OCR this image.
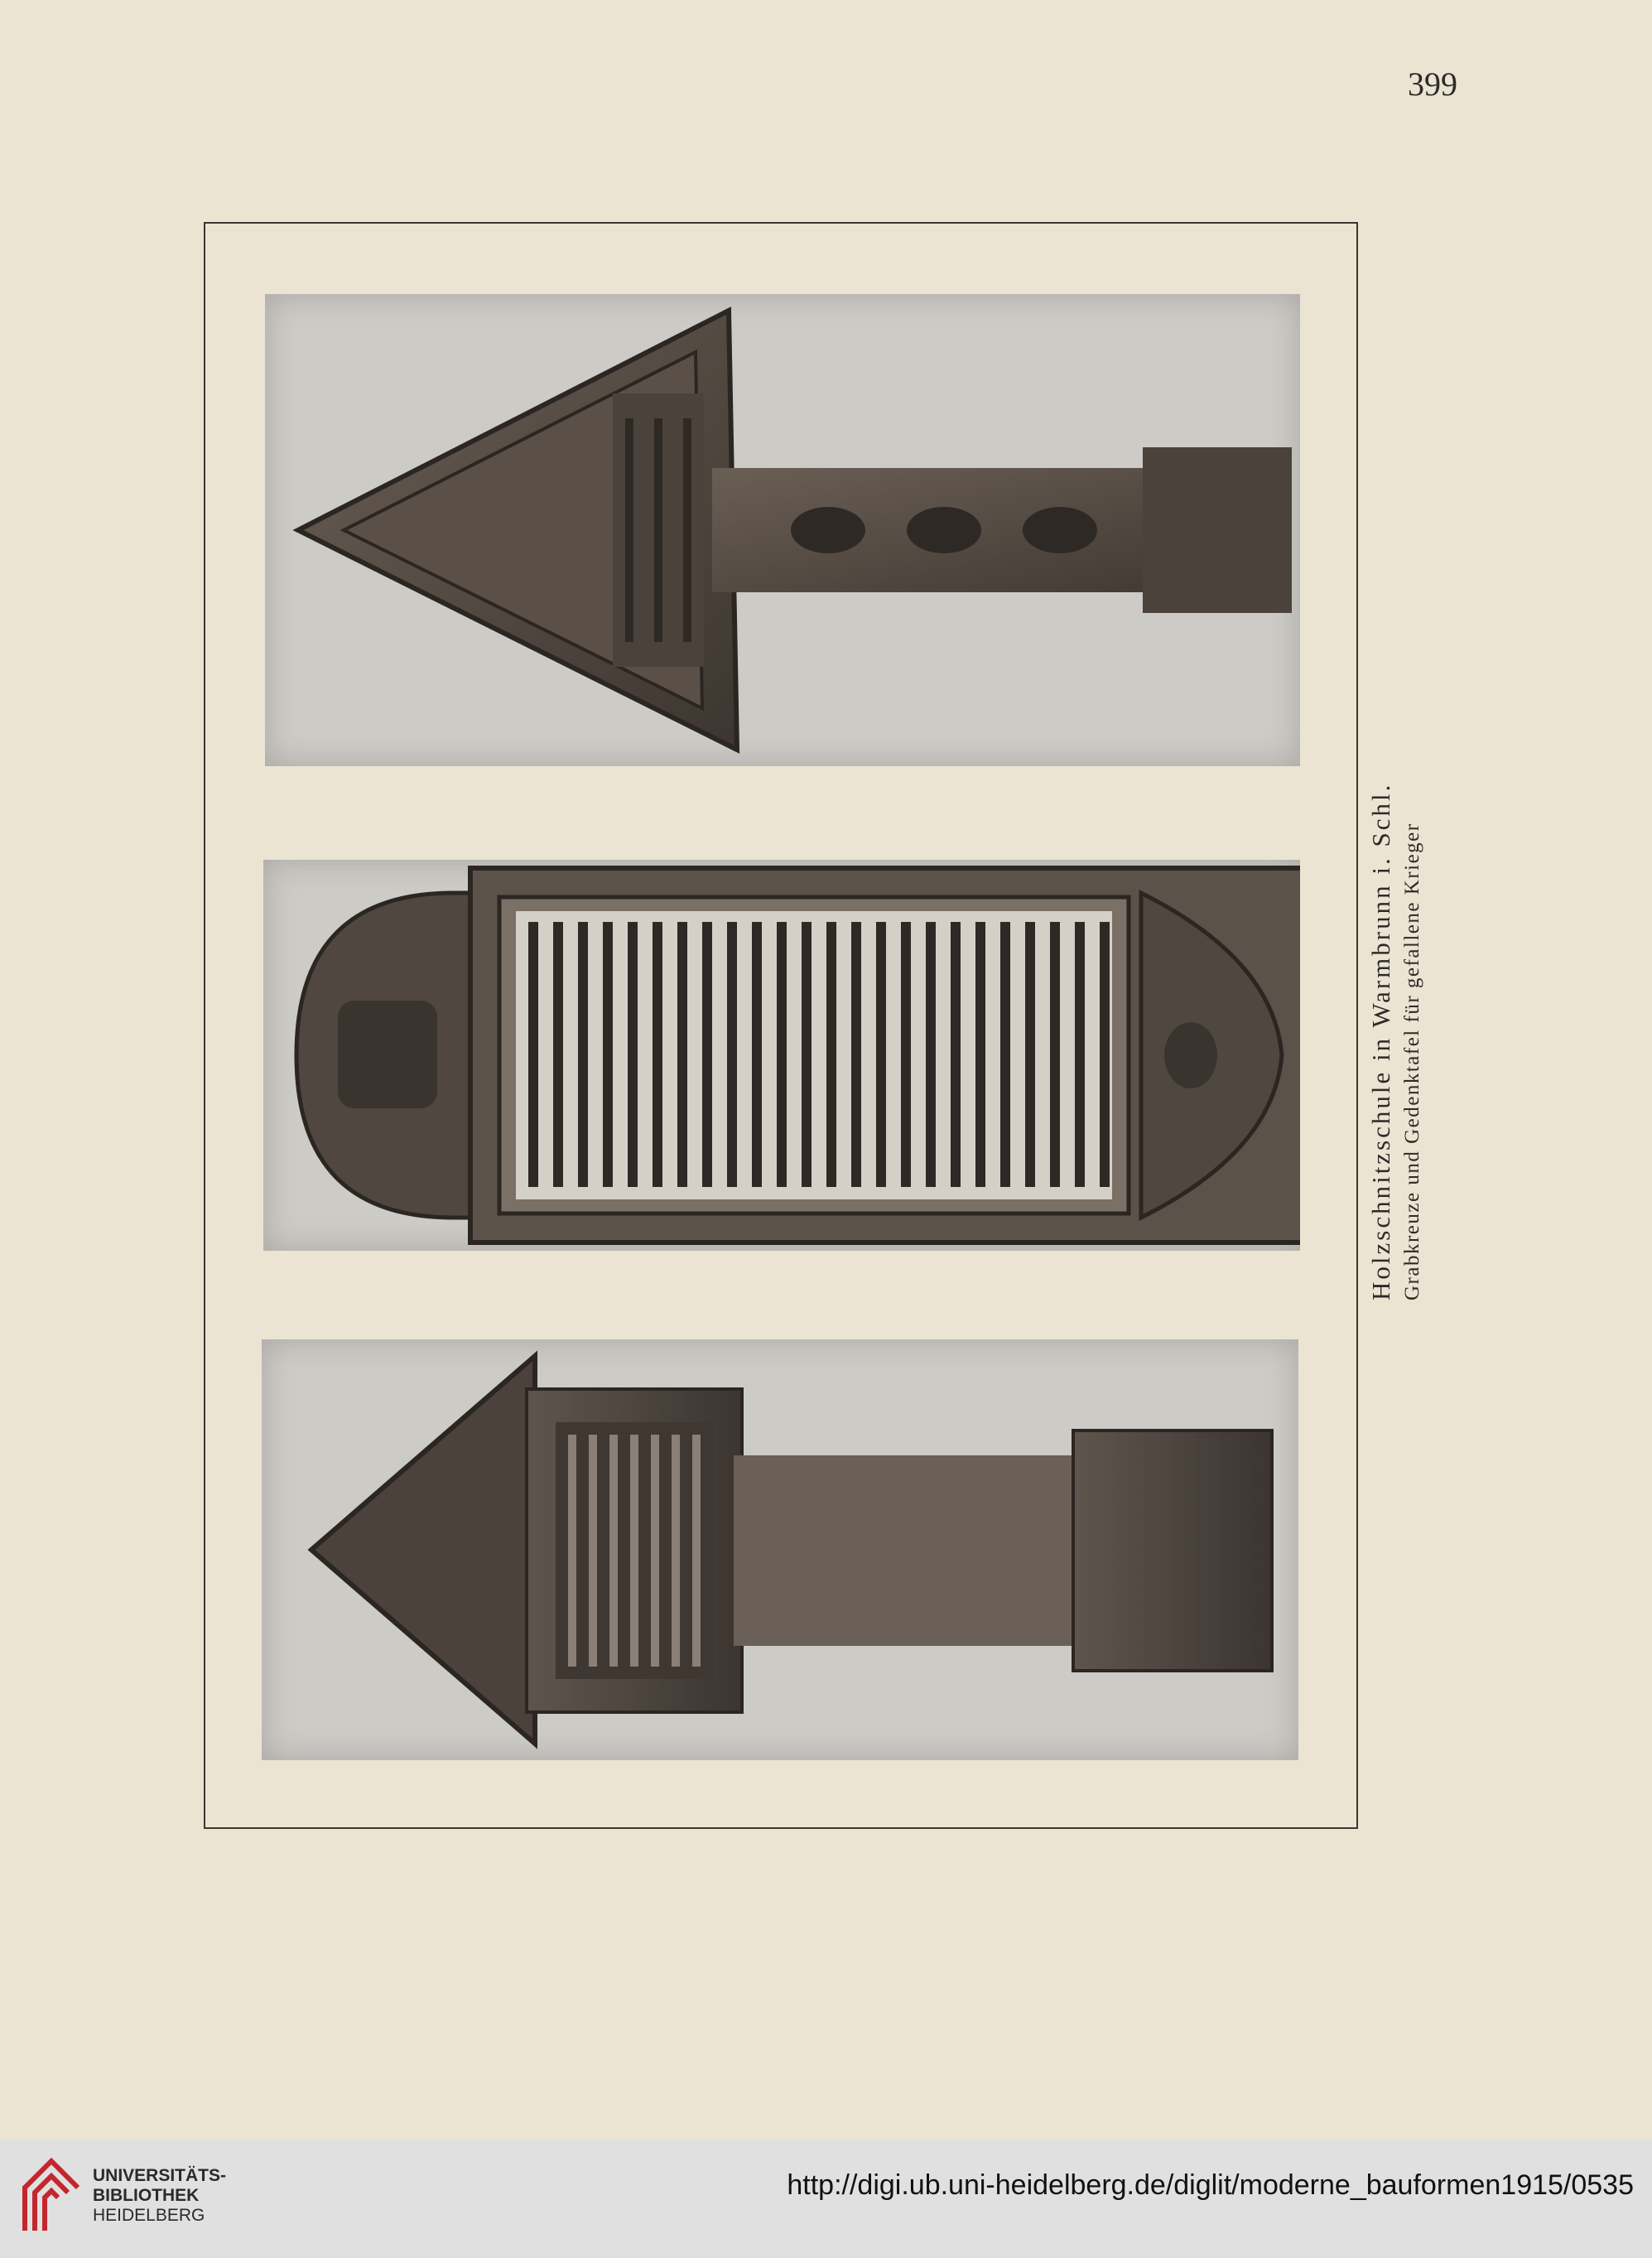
399
Holzschnitzschule in Warmbrunn i. Schl. Grabkreuze und Gedenktafel für gefallene Krieger
UNIVERSITÄTS-
BIBLIOTHEK
HEIDELBERG
http://digi.ub.uni-heidelberg.de/diglit/moderne_bauformen1915/0535
